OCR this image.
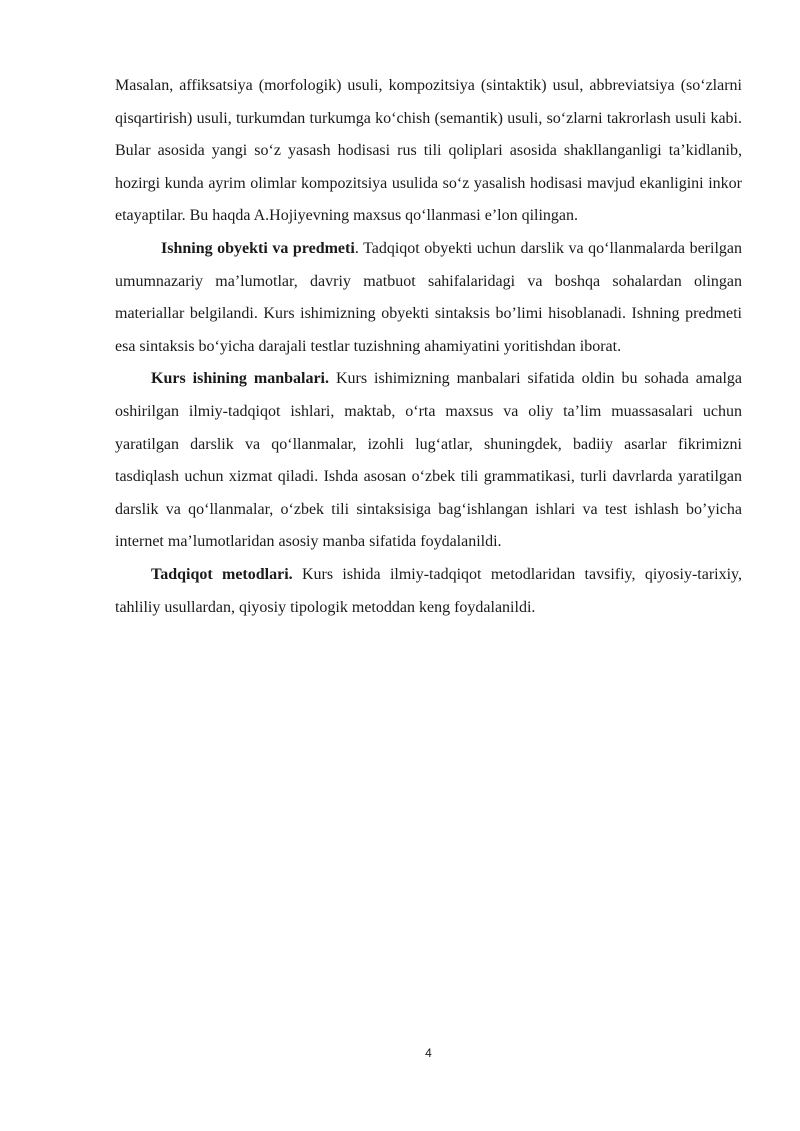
Masalan, affiksatsiya (morfologik) usuli, kompozitsiya (sintaktik) usul, abbreviatsiya (so‘zlarni qisqartirish) usuli, turkumdan turkumga ko‘chish (semantik) usuli, so‘zlarni takrorlash usuli kabi. Bular asosida yangi so‘z yasash hodisasi rus tili qoliplari asosida shakllanganligi ta’kidlanib, hozirgi kunda ayrim olimlar kompozitsiya usulida so‘z yasalish hodisasi mavjud ekanligini inkor etayaptilar. Bu haqda A.Hojiyevning maxsus qo‘llanmasi e’lon qilingan.

Ishning obyekti va predmeti. Tadqiqot obyekti uchun darslik va qo‘llanmalarda berilgan umumnazariy ma’lumotlar, davriy matbuot sahifalaridagi va boshqa sohalardan olingan materiallar belgilandi. Kurs ishimizning obyekti sintaksis bo’limi hisoblanadi. Ishning predmeti esa sintaksis bo‘yicha darajali testlar tuzishning ahamiyatini yoritishdan iborat.

Kurs ishining manbalari. Kurs ishimizning manbalari sifatida oldin bu sohada amalga oshirilgan ilmiy-tadqiqot ishlari, maktab, o‘rta maxsus va oliy ta’lim muassasalari uchun yaratilgan darslik va qo‘llanmalar, izohli lug‘atlar, shuningdek, badiiy asarlar fikrimizni tasdiqlash uchun xizmat qiladi. Ishda asosan o‘zbek tili grammatikasi, turli davrlarda yaratilgan darslik va qo‘llanmalar, o‘zbek tili sintaksisiga bag‘ishlangan ishlari va test ishlash bo’yicha internet ma’lumotlaridan asosiy manba sifatida foydalanildi.

Tadqiqot metodlari. Kurs ishida ilmiy-tadqiqot metodlaridan tavsifiy, qiyosiy-tarixiy, tahliliy usullardan, qiyosiy tipologik metoddan keng foydalanildi.

4
